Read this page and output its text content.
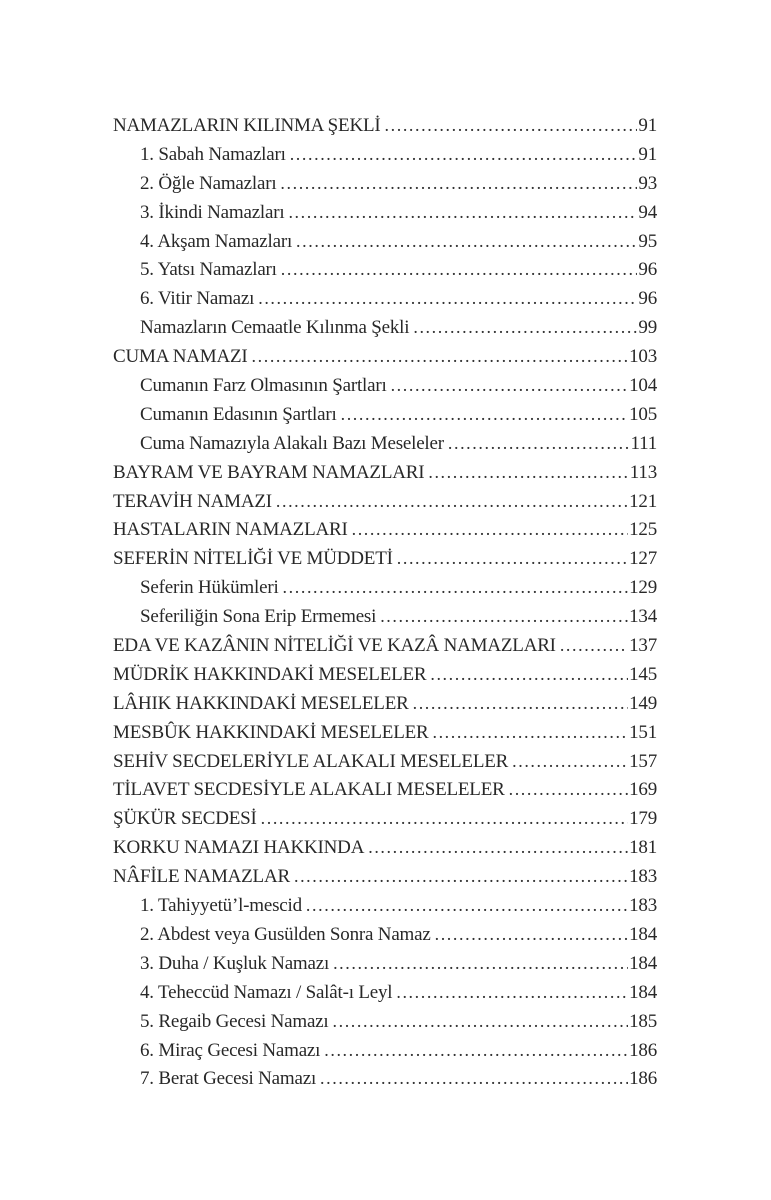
NAMAZLARIN KILINMA ŞEKLİ .....	91
1. Sabah Namazları .....	91
2. Öğle Namazları .....	93
3. İkindi Namazları .....	94
4. Akşam Namazları .....	95
5. Yatsı Namazları .....	96
6. Vitir Namazı .....	96
Namazların Cemaatle Kılınma Şekli .....	99
CUMA NAMAZI .....	103
Cumanın Farz Olmasının Şartları .....	104
Cumanın Edasının Şartları .....	105
Cuma Namazıyla Alakalı Bazı Meseleler .....	111
BAYRAM VE BAYRAM NAMAZLARI .....	113
TERAVİH NAMAZI .....	121
HASTALARIN NAMAZLARI .....	125
SEFERİN NİTELİĞİ VE MÜDDETİ .....	127
Seferin Hükümleri .....	129
Seferiliğin Sona Erip Ermemesi .....	134
EDA VE KAZÂNIN NİTELİĞİ VE KAZÂ NAMAZLARI .....	137
MÜDRİK HAKKINDAKİ MESELELER .....	145
LÂHIK HAKKINDAKİ MESELELER .....	149
MESBÛK HAKKINDAKİ MESELELER .....	151
SEHİV SECDELERİYLE ALAKALI MESELELER .....	157
TİLAVET SECDESİYLE ALAKALI MESELELER .....	169
ŞÜKÜR SECDESİ .....	179
KORKU NAMAZI HAKKINDA .....	181
NÂFİLE NAMAZLAR .....	183
1. Tahiyyetü’l-mescid .....	183
2. Abdest veya Gusülden Sonra Namaz .....	184
3. Duha / Kuşluk Namazı .....	184
4. Teheccüd Namazı / Salât-ı Leyl .....	184
5. Regaib Gecesi Namazı .....	185
6. Miraç Gecesi Namazı .....	186
7. Berat Gecesi Namazı .....	186
